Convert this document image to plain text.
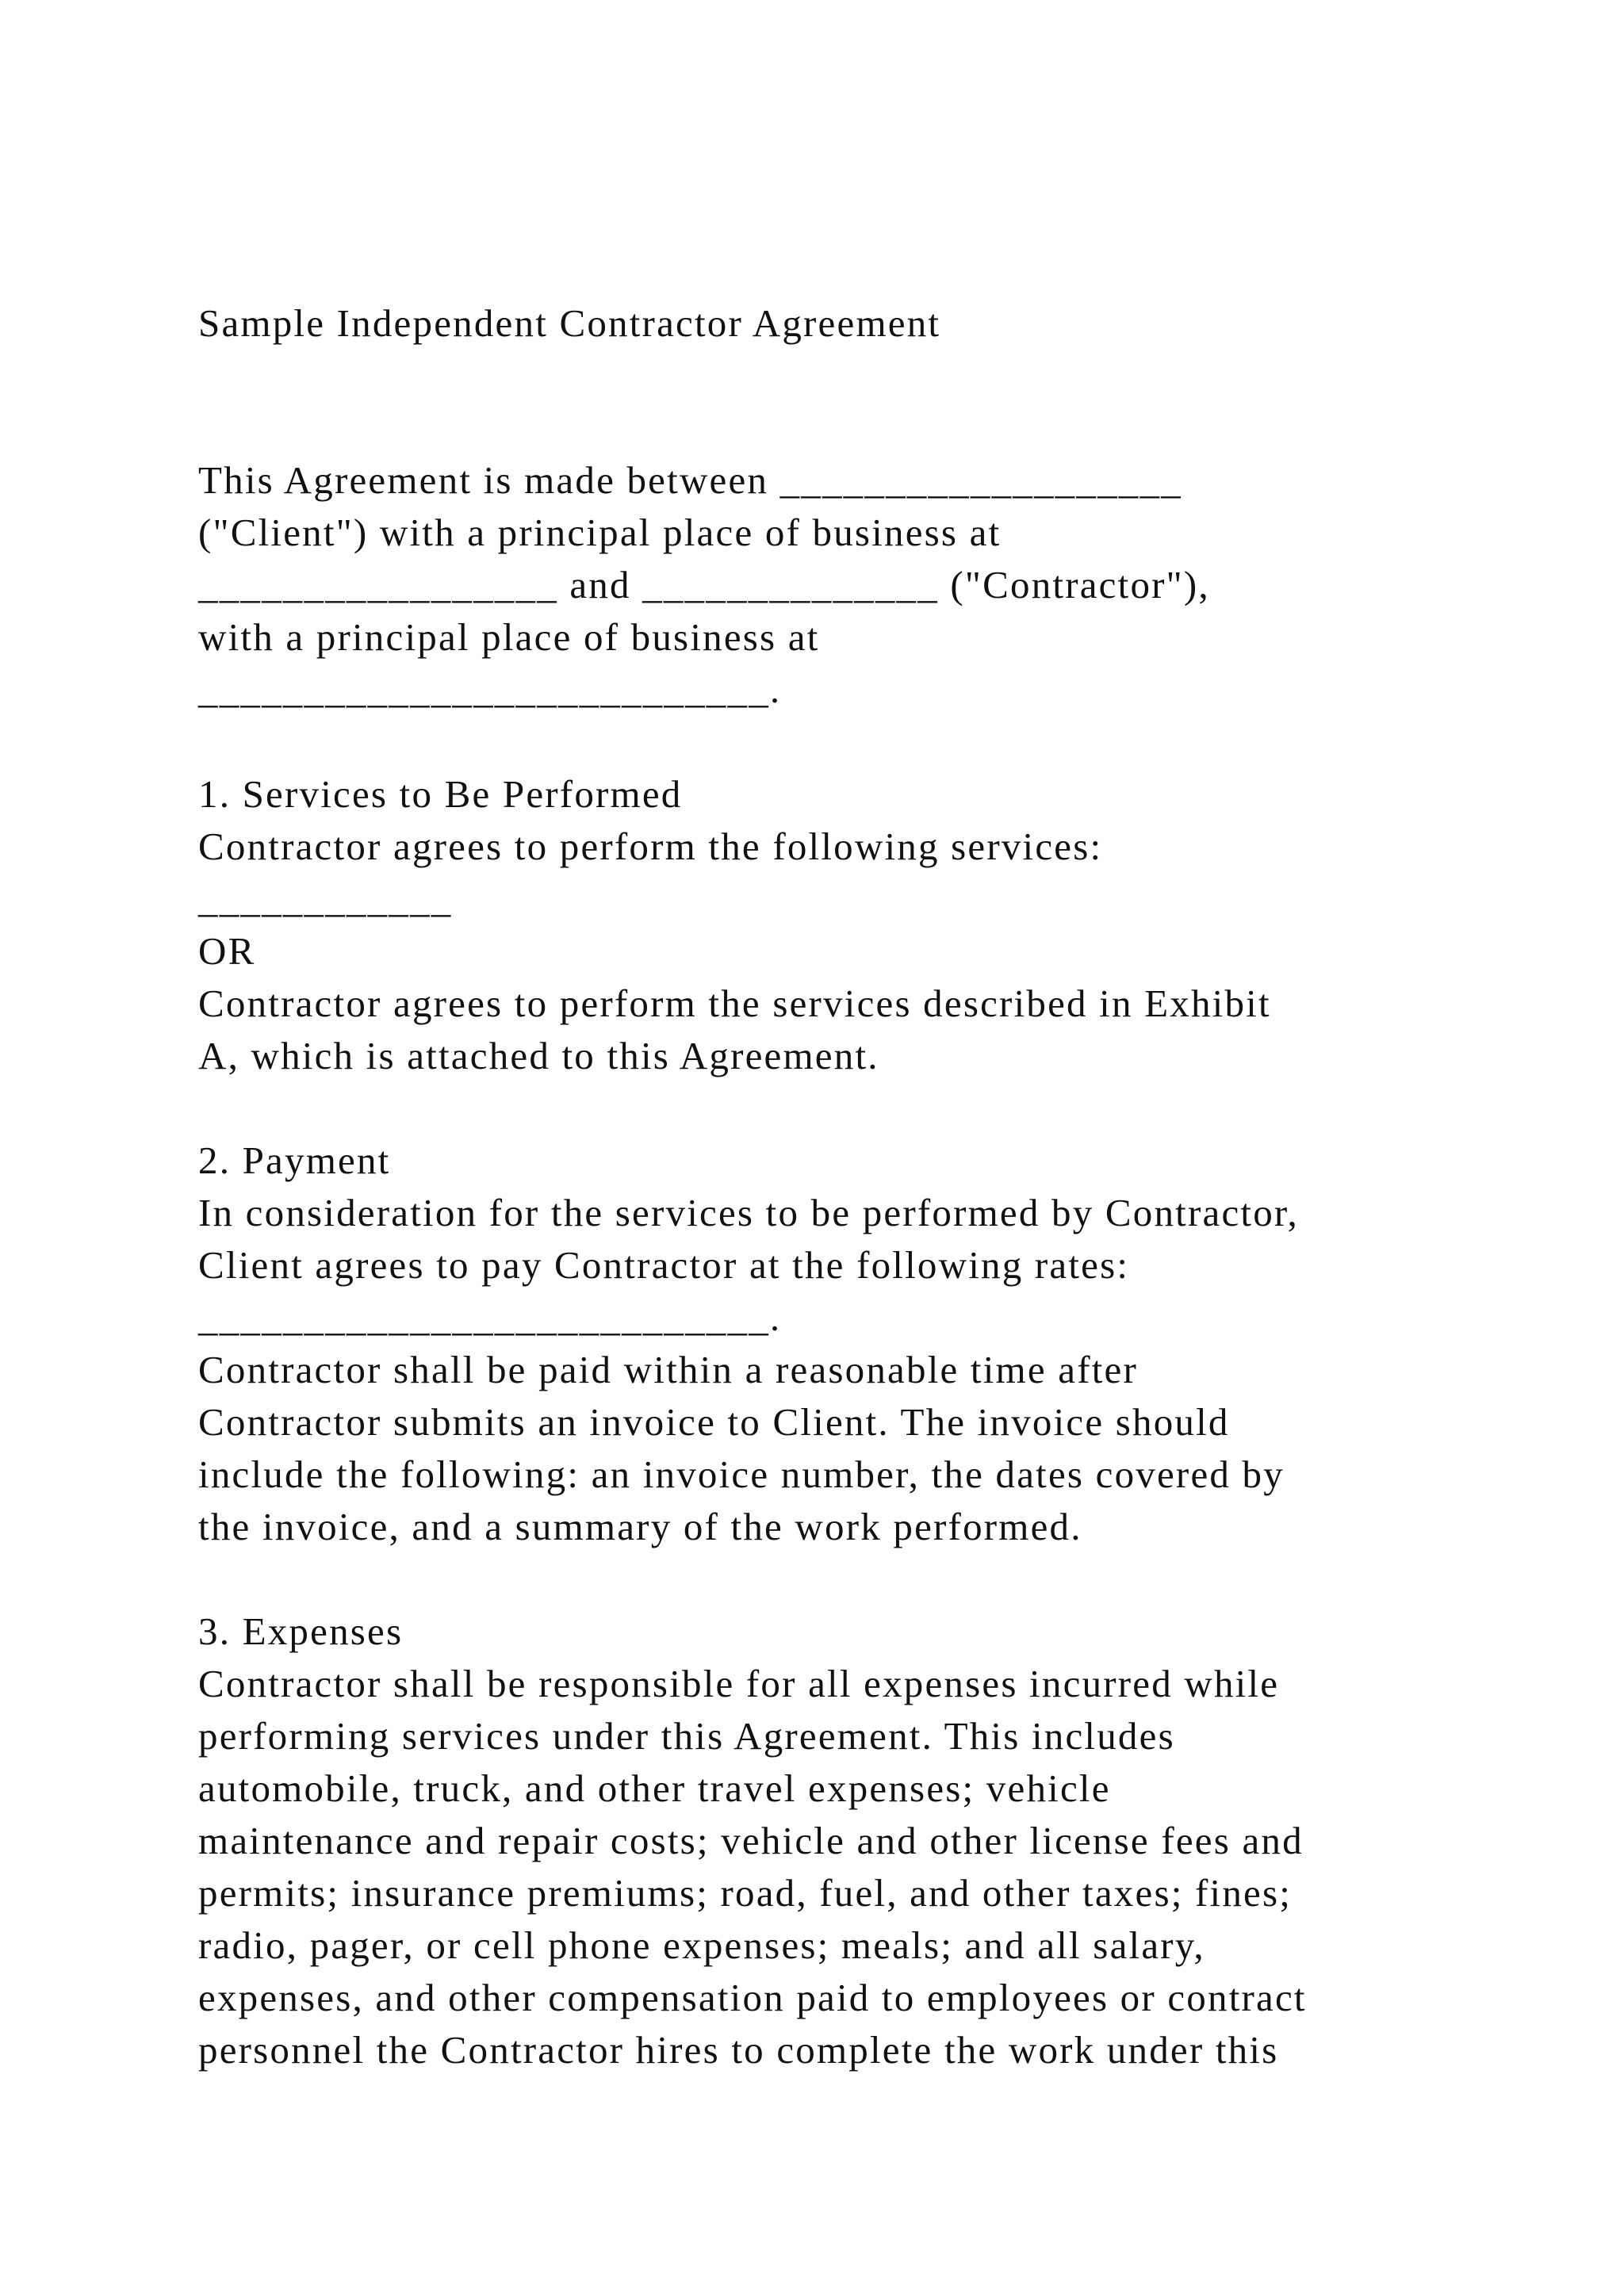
Sample Independent Contractor Agreement
This Agreement is made between ___________________
("Client") with a principal place of business at
_________________ and ______________ ("Contractor"),
with a principal place of business at
___________________________.
1. Services to Be Performed
Contractor agrees to perform the following services:
____________
OR
Contractor agrees to perform the services described in Exhibit
A, which is attached to this Agreement.
2. Payment
In consideration for the services to be performed by Contractor,
Client agrees to pay Contractor at the following rates:
___________________________.
Contractor shall be paid within a reasonable time after
Contractor submits an invoice to Client. The invoice should
include the following: an invoice number, the dates covered by
the invoice, and a summary of the work performed.
3. Expenses
Contractor shall be responsible for all expenses incurred while
performing services under this Agreement. This includes
automobile, truck, and other travel expenses; vehicle
maintenance and repair costs; vehicle and other license fees and
permits; insurance premiums; road, fuel, and other taxes; fines;
radio, pager, or cell phone expenses; meals; and all salary,
expenses, and other compensation paid to employees or contract
personnel the Contractor hires to complete the work under this
